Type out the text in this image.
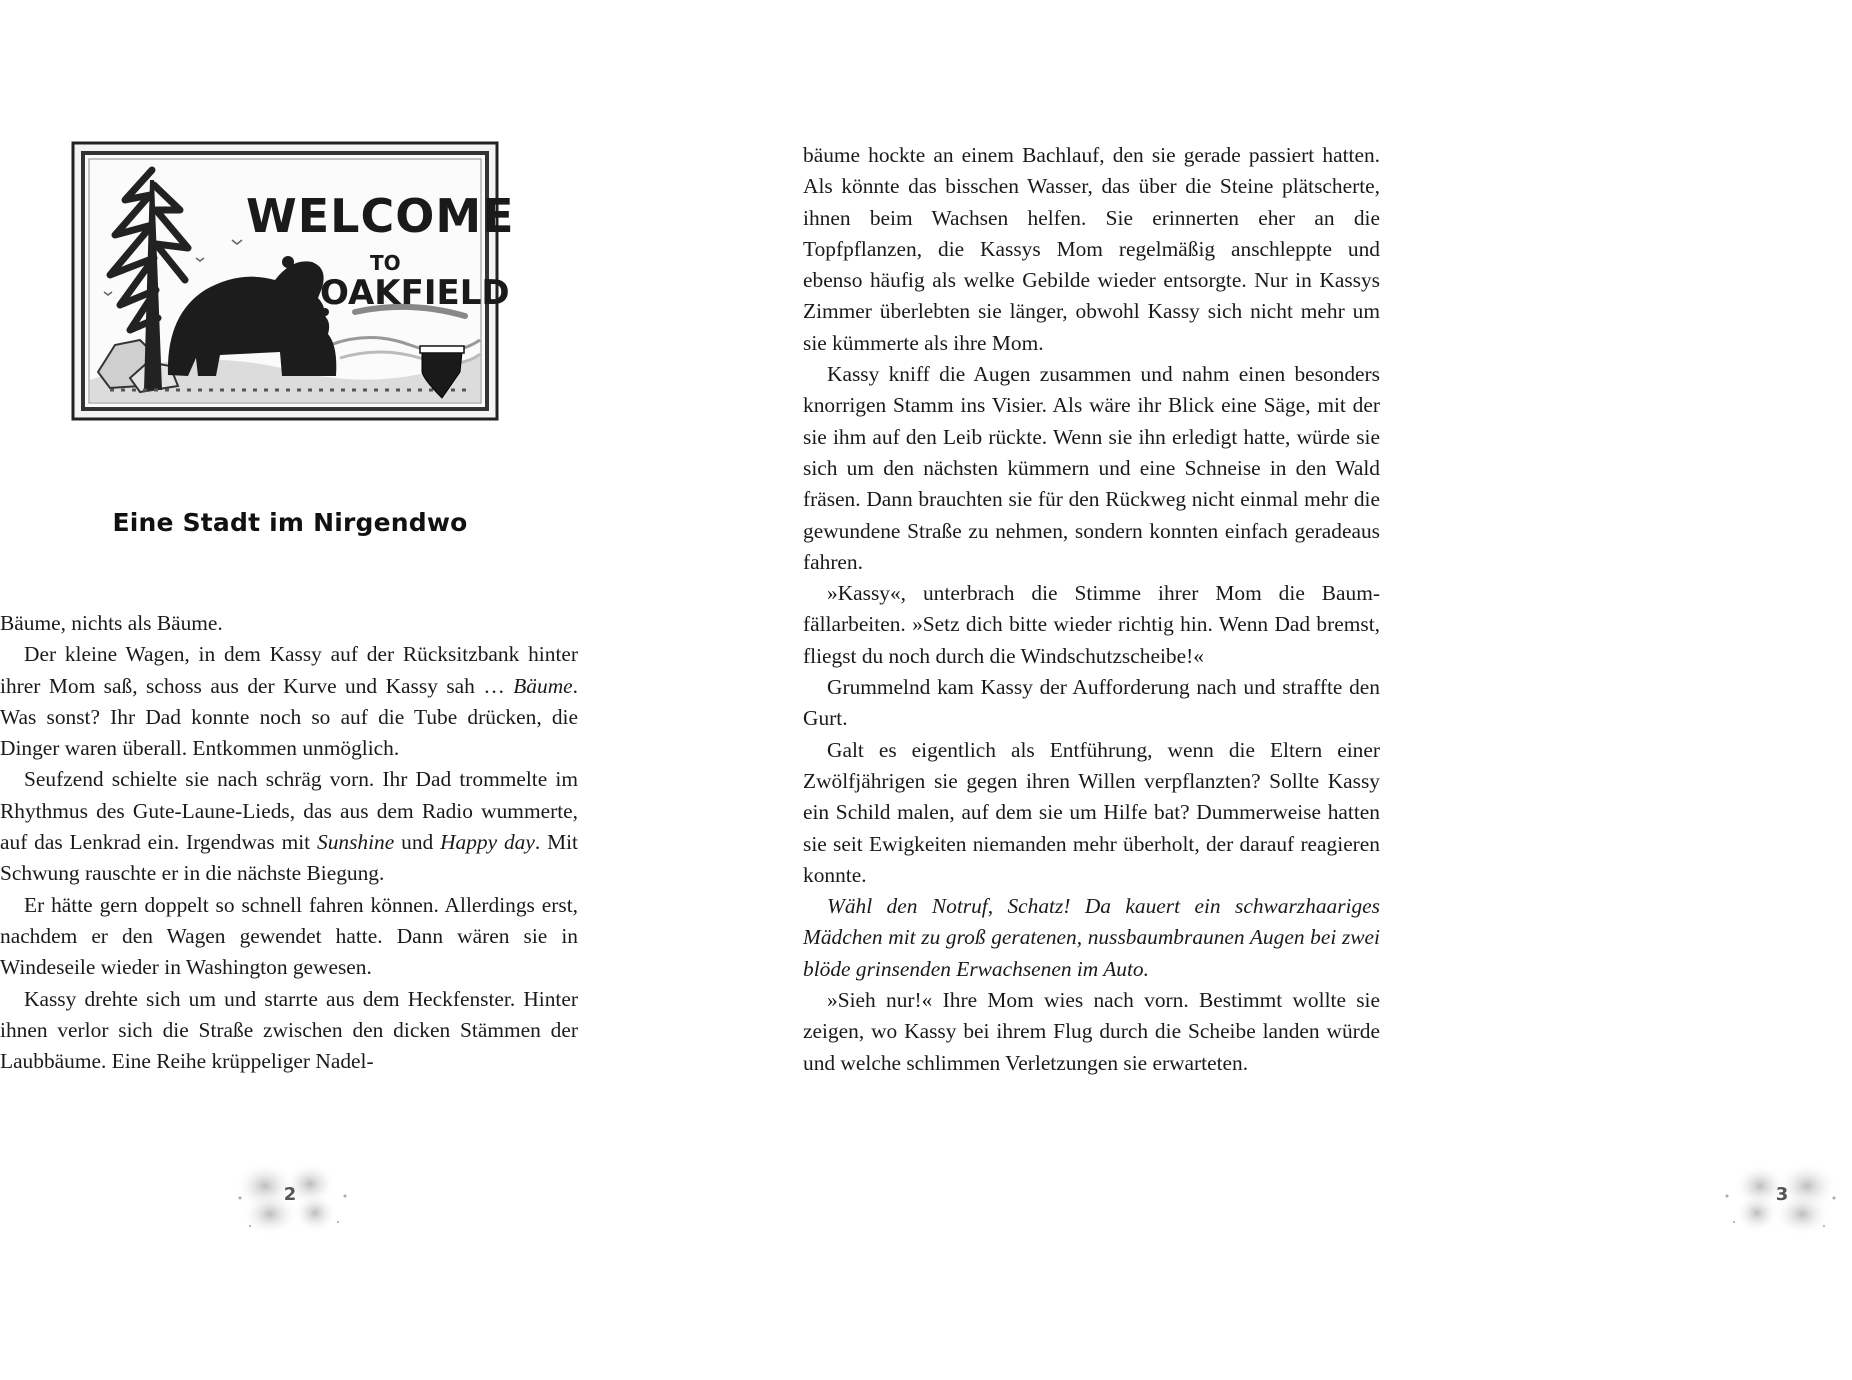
WELCOME
TO
OAKFIELD
Eine Stadt im Nirgendwo

Bäume, nichts als Bäume.

Der kleine Wagen, in dem Kassy auf der Rücksitzbank hinter ihrer Mom saß, schoss aus der Kurve und Kassy sah … Bäume. Was sonst? Ihr Dad konnte noch so auf die Tube drücken, die Dinger waren überall. Entkommen unmöglich.

Seufzend schielte sie nach schräg vorn. Ihr Dad trommelte im Rhythmus des Gute-Laune-Lieds, das aus dem Radio wummerte, auf das Lenkrad ein. Irgendwas mit Sunshine und Happy day. Mit Schwung rauschte er in die nächste Biegung.

Er hätte gern doppelt so schnell fahren können. Allerdings erst, nachdem er den Wagen gewendet hatte. Dann wären sie in Windeseile wieder in Washington gewesen.

Kassy drehte sich um und starrte aus dem Heckfenster. Hinter ihnen verlor sich die Straße zwischen den dicken Stämmen der Laubbäume. Eine Reihe krüppeliger Nadel-

2

bäume hockte an einem Bachlauf, den sie gerade passiert hatten. Als könnte das bisschen Wasser, das über die Steine plätscherte, ihnen beim Wachsen helfen. Sie erinnerten eher an die Topfpflanzen, die Kassys Mom regelmäßig anschleppte und ebenso häufig als welke Gebilde wieder entsorgte. Nur in Kassys Zimmer überlebten sie länger, obwohl Kassy sich nicht mehr um sie kümmerte als ihre Mom.

Kassy kniff die Augen zusammen und nahm einen besonders knorrigen Stamm ins Visier. Als wäre ihr Blick eine Säge, mit der sie ihm auf den Leib rückte. Wenn sie ihn erledigt hatte, würde sie sich um den nächsten kümmern und eine Schneise in den Wald fräsen. Dann brauchten sie für den Rückweg nicht einmal mehr die gewundene Straße zu nehmen, sondern konnten einfach geradeaus fahren.

»Kassy«, unterbrach die Stimme ihrer Mom die Baumfällarbeiten. »Setz dich bitte wieder richtig hin. Wenn Dad bremst, fliegst du noch durch die Windschutzscheibe!«

Grummelnd kam Kassy der Aufforderung nach und straffte den Gurt.

Galt es eigentlich als Entführung, wenn die Eltern einer Zwölfjährigen sie gegen ihren Willen verpflanzten? Sollte Kassy ein Schild malen, auf dem sie um Hilfe bat? Dummerweise hatten sie seit Ewigkeiten niemanden mehr überholt, der darauf reagieren konnte.

Wähl den Notruf, Schatz! Da kauert ein schwarzhaariges Mädchen mit zu groß geratenen, nussbaumbraunen Augen bei zwei blöde grinsenden Erwachsenen im Auto.

»Sieh nur!« Ihre Mom wies nach vorn. Bestimmt wollte sie zeigen, wo Kassy bei ihrem Flug durch die Scheibe landen würde und welche schlimmen Verletzungen sie erwarteten.

3
